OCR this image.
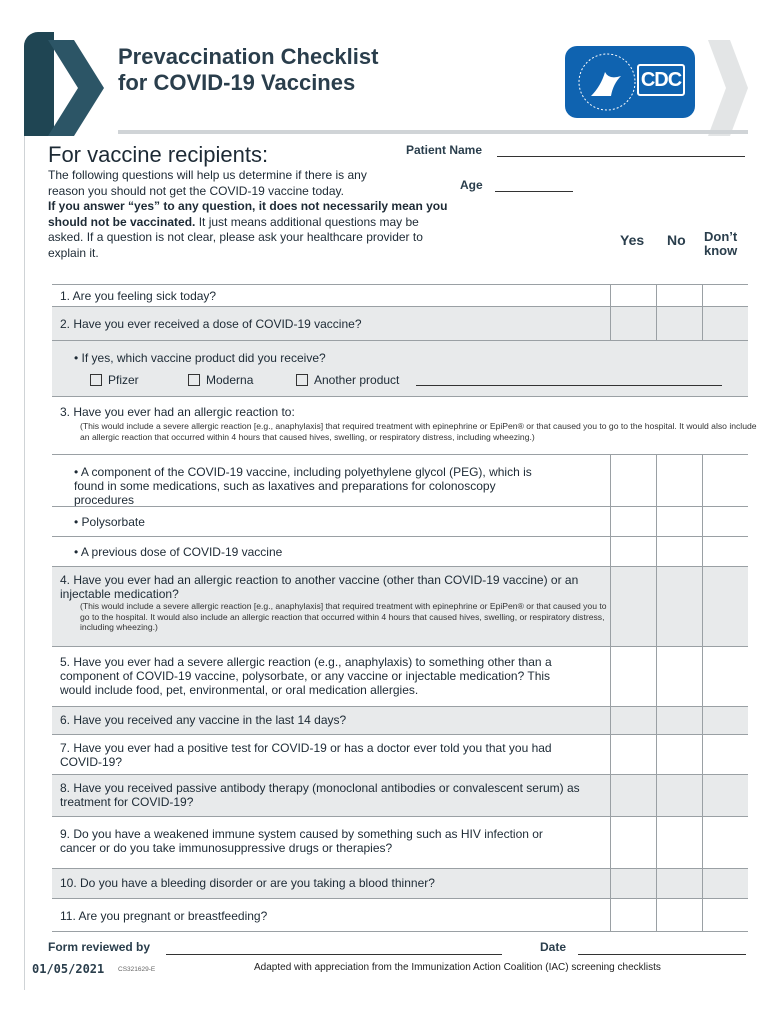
Prevaccination Checklist
for COVID-19 Vaccines	CDC
For vaccine recipients:
The following questions will help us determine if there is any reason you should not get the COVID-19 vaccine today.
If you answer “yes” to any question, it does not necessarily mean you should not be vaccinated. It just means additional questions may be asked. If a question is not clear, please ask your healthcare provider to explain it.
Patient Name
Age
Yes No Don’t know
1. Are you feeling sick today?
2. Have you ever received a dose of COVID-19 vaccine?
• If yes, which vaccine product did you receive?
Pfizer	Moderna	Another product
3. Have you ever had an allergic reaction to:
(This would include a severe allergic reaction [e.g., anaphylaxis] that required treatment with epinephrine or EpiPen® or that caused you to go to the hospital. It would also include an allergic reaction that occurred within 4 hours that caused hives, swelling, or respiratory distress, including wheezing.)
• A component of the COVID-19 vaccine, including polyethylene glycol (PEG), which is found in some medications, such as laxatives and preparations for colonoscopy procedures
• Polysorbate
• A previous dose of COVID-19 vaccine
4. Have you ever had an allergic reaction to another vaccine (other than COVID-19 vaccine) or an injectable medication?
(This would include a severe allergic reaction [e.g., anaphylaxis] that required treatment with epinephrine or EpiPen® or that caused you to go to the hospital. It would also include an allergic reaction that occurred within 4 hours that caused hives, swelling, or respiratory distress, including wheezing.)
5. Have you ever had a severe allergic reaction (e.g., anaphylaxis) to something other than a component of COVID-19 vaccine, polysorbate, or any vaccine or injectable medication? This would include food, pet, environmental, or oral medication allergies.
6. Have you received any vaccine in the last 14 days?
7. Have you ever had a positive test for COVID-19 or has a doctor ever told you that you had COVID-19?
8. Have you received passive antibody therapy (monoclonal antibodies or convalescent serum) as treatment for COVID-19?
9. Do you have a weakened immune system caused by something such as HIV infection or cancer or do you take immunosuppressive drugs or therapies?
10. Do you have a bleeding disorder or are you taking a blood thinner?
11. Are you pregnant or breastfeeding?
Form reviewed by	Date
01/05/2021 CS321629-E	Adapted with appreciation from the Immunization Action Coalition (IAC) screening checklists
